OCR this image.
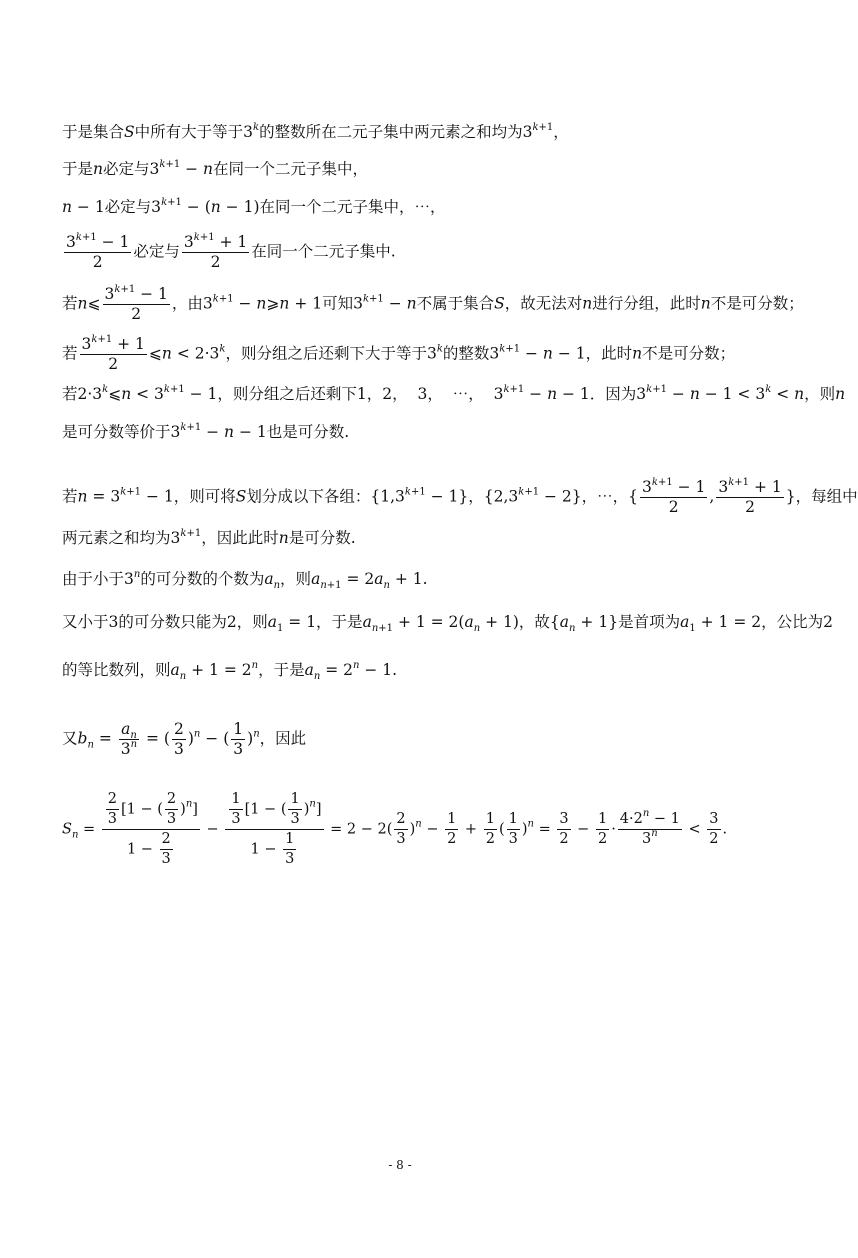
于是集合S中所有大于等于3$^k$的整数所在二元子集中两元素之和均为$3^{k+1}$，
于是n必定与$3^{k+1} - n$在同一个二元子集中，
n − 1必定与$3^{k+1} - (n - 1)$在同一个二元子集中，⋯，
$\frac{3^{k+1} - 1}{2}$ 必定与 $\frac{3^{k+1} + 1}{2}$ 在同一个二元子集中.
若n⩽ $\frac{3^{k+1} - 1}{2}$ ，由$3^{k+1}$ − n⩾n + 1可知$3^{k+1} - n$不属于集合S，故无法对n进行分组，此时n不是可分数；
若 $\frac{3^{k+1} + 1}{2}$ ⩽n < $2\cdot 3^k$，则分组之后还剩下大于等于3$^k$的整数$3^{k+1} - n - 1$，此时n不是可分数；
若$2\cdot 3^k⩽n < 3^{k+1} - 1$，则分组之后还剩下1，2，  3，  ⋯，  $3^{k+1} - n - 1$．因为$3^{k+1} - n - 1 < 3^k < n$，则n
是可分数等价于$3^{k+1} - n - 1$也是可分数.
若$n = 3^{k+1} - 1$，则可将S划分成以下各组：$\{1,3^{k+1} - 1\}$，$\{2,3^{k+1} - 2\}$，⋯，{ $\frac{3^{k+1} - 1}{2}$ , $\frac{3^{k+1} + 1}{2}$ }，每组中
两元素之和均为$3^{k+1}$，因此此时n是可分数.
由于小于3$^n$的可分数的个数为$a_n$，则$a_{n+1} = 2a_n + 1$.
又小于3的可分数只能为2，则$a_1 = 1$，于是$a_{n+1} + 1 = 2(a_n + 1)$，故$\{a_n + 1\}$是首项为$a_1 + 1 = 2$，公比为2
的等比数列，则$a_n + 1 = 2^n$，于是$a_n = 2^n - 1$.
又$b_n = \frac{a_n}{3^n}$ = ( $\frac{2}{3} )^n$ − ( $\frac{1}{3} )^n$，因此
$S_n = \frac{\frac{2}{3} [1 - ( \frac{2}{3} )^n]}{1 - \frac{2}{3}} - \frac{\frac{1}{3} [1 - ( \frac{1}{3} )^n]}{1 - \frac{1}{3}} = 2 - 2( \frac{2}{3} )^n - \frac{1}{2} + \frac{1}{2}$ ( $\frac{1}{3} )^n = \frac{3}{2} - \frac{1}{2} \cdot \frac{4\cdot 2^n - 1}{3^n} < \frac{3}{2}$ .
- 8 -
